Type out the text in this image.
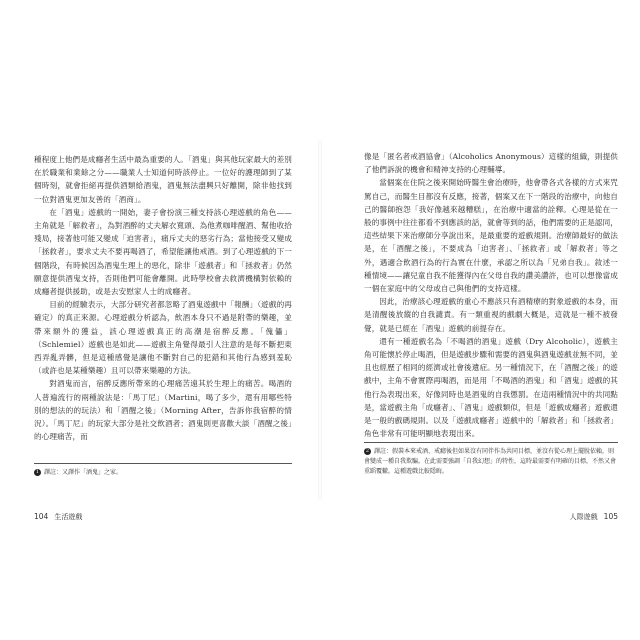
種程度上他們是成癮者生活中最為重要的人。「酒鬼」與其他玩家最大的差別在於職業和業餘之分——職業人士知道何時該停止。一位好的護理師到了某個時刻，就會拒絕再提供酒類給酒鬼，酒鬼無法盡興只好離開，除非他找到一位對酒鬼更加友善的「酒商」。

在「酒鬼」遊戲的一開始，妻子會扮演三種支持該心理遊戲的角色——主角就是「解救者」，為對酒醉的丈夫解衣寬頭、為他煮咖啡醒酒、幫他收拾殘局，接著他可能又變成「迫害者」，痛斥丈夫的惡劣行為；當他接受又變成「拯救者」，要求丈夫不要再喝酒了，希望能讓他戒酒。到了心理遊戲的下一個階段，有時候因為酒鬼生理上的惡化，除非「遊戲者」和「拯救者」仍然願意提供酒鬼支持，否則他們可能會離開。此時學校會去救濟機構對依賴的成癮者提供援助，或是去安慰家人士的成癮者。

目前的經驗表示，大部分研究者都忽略了酒鬼遊戲中「報酬」（遊戲的再確定）的真正來源。心理遊戲分析認為，飲酒本身只不過是附帶的樂趣，並帶來額外的獲益，該心理遊戲真正的高潮是宿醉反應。「傀儡」（Schlemiel）遊戲也是如此——遊戲主角覺得最引人注意的是每不斷把東西弄亂弄髒，但是這種感覺是讓他不斷對自己的犯錯和其他行為感到羞恥（或許也是某種樂趣）且可以帶來樂趣的方法。

對酒鬼而言，宿醉反應所帶來的心理痛苦遠其於生理上的痛苦。喝酒的人普遍流行的兩種說法是：「馬丁尼」（Martini，喝了多少，還有用哪些特別的想法的的玩法）和「酒醒之後」（Morning After，告訴你我宿醉的情況）。「馬丁尼」的玩家大部分是社交飲酒者；酒鬼則更喜歡大談「酒醒之後」的心理痛苦，而

1 譯註：又譯作「酒鬼」之家。
104 生活遊戲

像是「匿名者戒酒協會」（Alcoholics Anonymous）這樣的組織，則提供了他們訴說的機會和精神支持的心理輔導。

當個案在住院之後來開始時醫生會治療時，他會帶各式各樣的方式來咒罵自己，而醫生目都沒有反應，接著，個案又在下一階段的治療中，向他自己的醫師抱怨「我好像越來越糟糕」，在治療中適當的詮釋。心理是從在一般的事例中往往都看不到應該的話，就會等到的話，他們需要的正是認同，這些結果下來治療師分享說出來，是最重要的遊戲規則。治療師最好的做法是，在「酒醒之後」，不要成為「迫害者」、「拯救者」或「解救者」等之外，遇適合飲酒行為的行為實在什麼，承認之所以為「兄弟自我」。敘述一種情境——讓兒童自我不能獲得內在父母自我的讚美讚許，也可以想像當成一個在家庭中的父母或自己與他們的支持這樣。

因此，治療該心理遊戲的重心不應該只有酒精療的對象遊戲的本身，而是清醒後放縱的自我譴責。有一類重視的戲劇大概是，這就是一種不被發覺，就是已經在「酒鬼」遊戲的前提存在。

還有一種遊戲名為「不喝酒的酒鬼」遊戲（Dry Alcoholic），遊戲主角可能懷於停止喝酒，但是遊戲步驟和需要的酒鬼與酒鬼遊戲並無不同，並且也經歷了相同的經濟或社會後遺症。另一種情況下，在「酒醒之後」的遊戲中，主角不會實際再喝酒，而是用「不喝酒的酒鬼」和「酒鬼」遊戲的其他行為表現出來，好像同時也是酒鬼的自我懲罰。在這兩種情況中的共同點是，當遊戲主角「成癮者」、「酒鬼」遊戲類似，但是「遊戲成癮者」遊戲還是一般的戲碼規則。以及「遊戲成癮者」遊戲中的「解救者」和「拯救者」角色非常有可能明顯地表現出來。

2 譯註：假裝本來戒酒、戒癮後但如果沒有同伴作為共同目標，並沒有從心理上擺脫依賴，則會變成一種自我欺騙。在此需要強調「自我幻想」的特性，這時最需要有明確的目標，不然又會重蹈覆轍。這種遊戲比較隱晦。
人際遊戲 105
